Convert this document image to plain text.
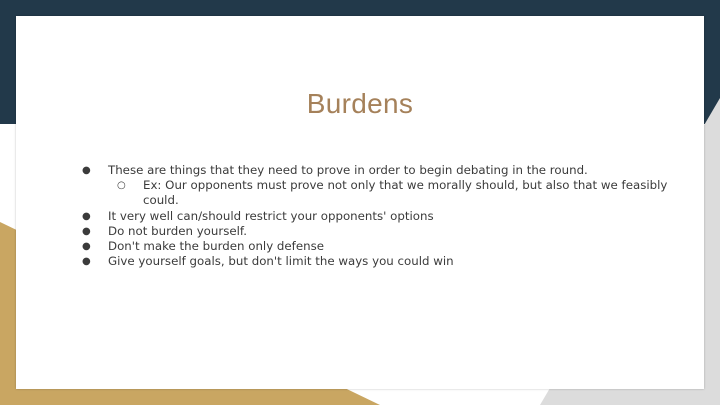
Burdens
● These are things that they need to prove in order to begin debating in the round.
○ Ex: Our opponents must prove not only that we morally should, but also that we feasibly could.
● It very well can/should restrict your opponents' options
● Do not burden yourself.
● Don't make the burden only defense
● Give yourself goals, but don't limit the ways you could win
